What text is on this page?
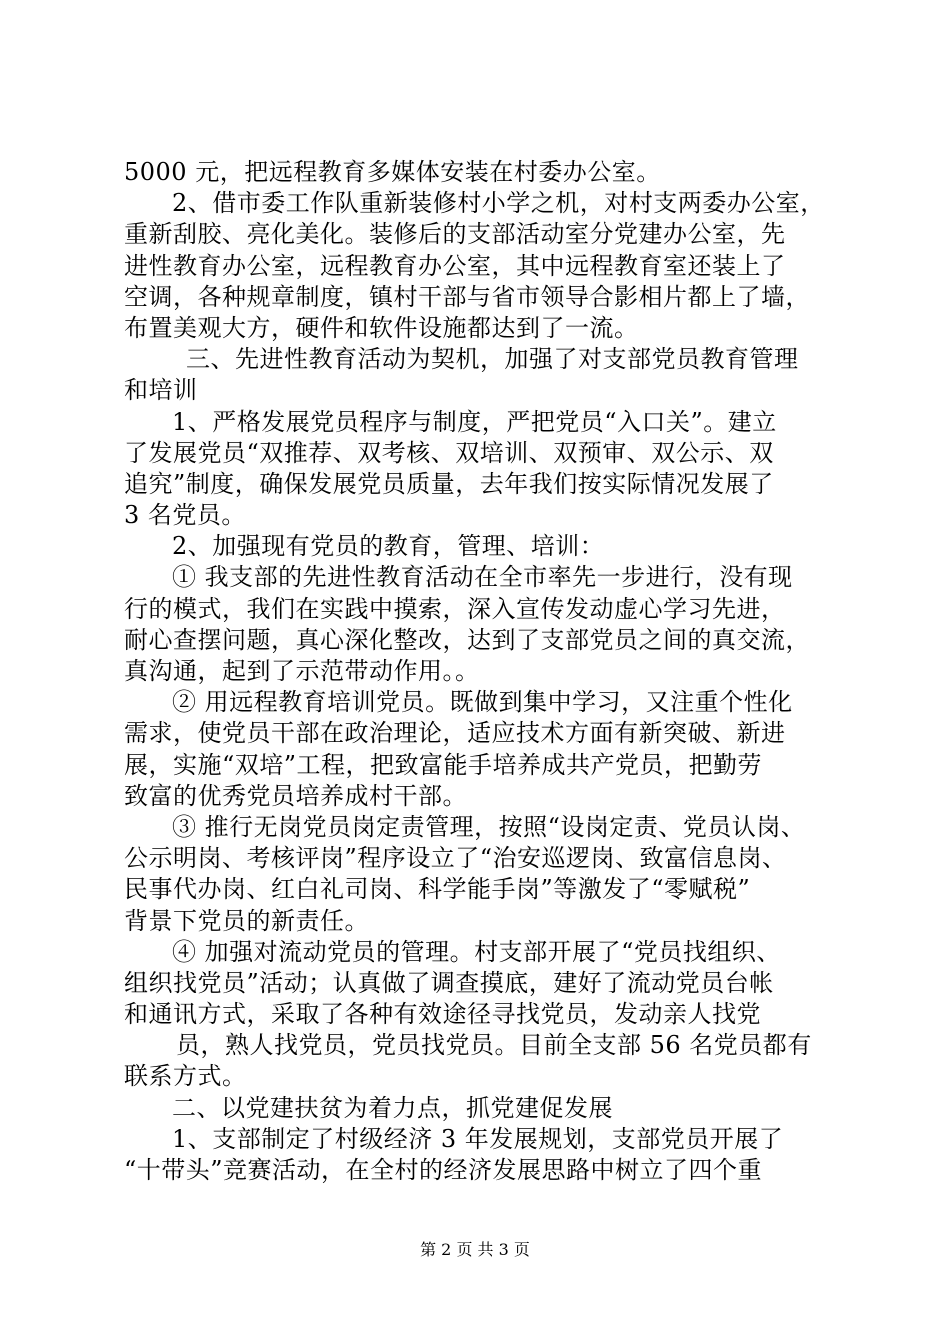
5000 元，把远程教育多媒体安装在村委办公室。
2、借市委工作队重新装修村小学之机，对村支两委办公室，
重新刮胶、亮化美化。装修后的支部活动室分党建办公室，先
进性教育办公室，远程教育办公室，其中远程教育室还装上了
空调，各种规章制度，镇村干部与省市领导合影相片都上了墙，
布置美观大方，硬件和软件设施都达到了一流。
三、先进性教育活动为契机，加强了对支部党员教育管理
和培训
1、严格发展党员程序与制度，严把党员“入口关”。建立
了发展党员“双推荐、双考核、双培训、双预审、双公示、双
追究”制度，确保发展党员质量，去年我们按实际情况发展了
3 名党员。
2、加强现有党员的教育，管理、培训：
① 我支部的先进性教育活动在全市率先一步进行，没有现
行的模式，我们在实践中摸索，深入宣传发动虚心学习先进，
耐心查摆问题，真心深化整改，达到了支部党员之间的真交流，
真沟通，起到了示范带动作用。。
② 用远程教育培训党员。既做到集中学习，又注重个性化
需求，使党员干部在政治理论，适应技术方面有新突破、新进
展，实施“双培”工程，把致富能手培养成共产党员，把勤劳
致富的优秀党员培养成村干部。
③ 推行无岗党员岗定责管理，按照“设岗定责、党员认岗、
公示明岗、考核评岗”程序设立了“治安巡逻岗、致富信息岗、
民事代办岗、红白礼司岗、科学能手岗”等激发了“零赋税”
背景下党员的新责任。
④ 加强对流动党员的管理。村支部开展了“党员找组织、
组织找党员”活动；认真做了调查摸底，建好了流动党员台帐
和通讯方式，采取了各种有效途径寻找党员，发动亲人找党
员，熟人找党员，党员找党员。目前全支部 56 名党员都有
联系方式。
二、以党建扶贫为着力点，抓党建促发展
1、支部制定了村级经济 3 年发展规划，支部党员开展了
“十带头”竞赛活动，在全村的经济发展思路中树立了四个重
第 2 页 共 3 页
